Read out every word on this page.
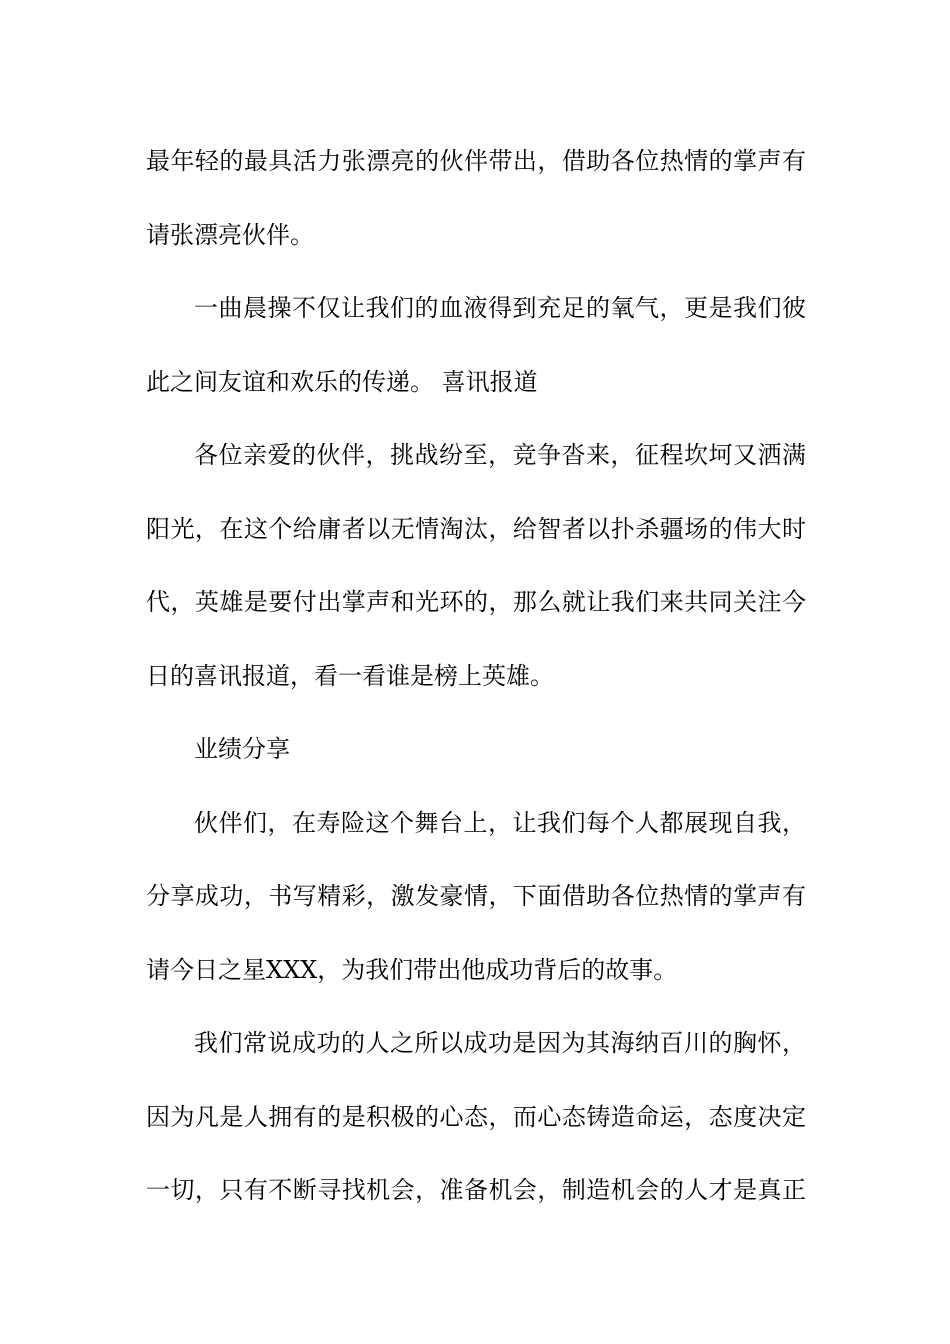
最年轻的最具活力张漂亮的伙伴带出，借助各位热情的掌声有
请张漂亮伙伴。
一曲晨操不仅让我们的血液得到充足的氧气，更是我们彼
此之间友谊和欢乐的传递。 喜讯报道
各位亲爱的伙伴，挑战纷至，竞争沓来，征程坎坷又洒满
阳光，在这个给庸者以无情淘汰，给智者以扑杀疆场的伟大时
代，英雄是要付出掌声和光环的，那么就让我们来共同关注今
日的喜讯报道，看一看谁是榜上英雄。
业绩分享
伙伴们，在寿险这个舞台上，让我们每个人都展现自我，
分享成功，书写精彩，激发豪情，下面借助各位热情的掌声有
请今日之星XXX，为我们带出他成功背后的故事。
我们常说成功的人之所以成功是因为其海纳百川的胸怀，
因为凡是人拥有的是积极的心态，而心态铸造命运，态度决定
一切，只有不断寻找机会，准备机会，制造机会的人才是真正
